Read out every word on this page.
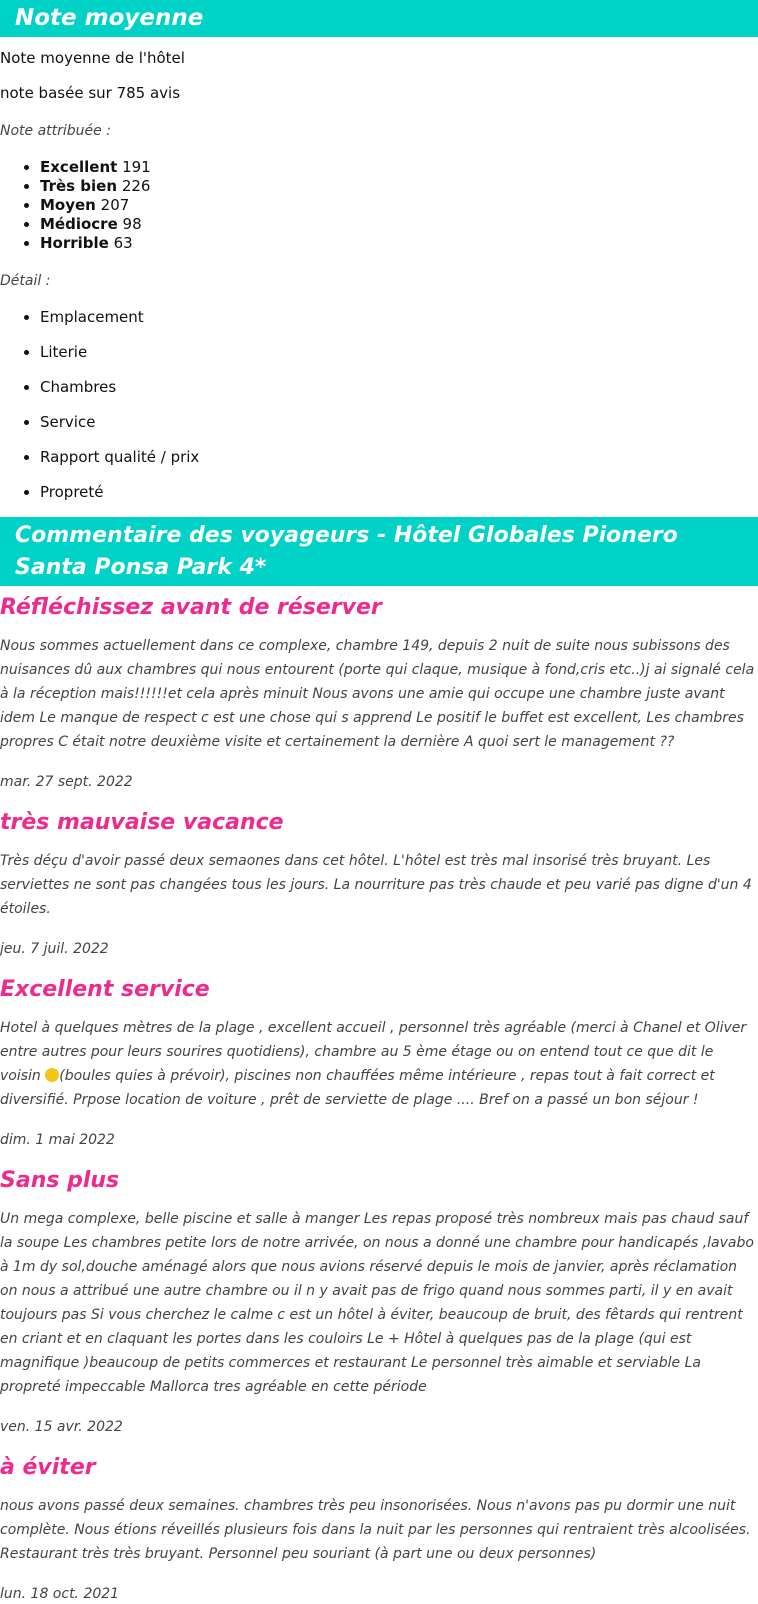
Note moyenne

Note moyenne de l'hôtel

note basée sur 785 avis

Note attribuée :

• Excellent 191
• Très bien 226
• Moyen 207
• Médiocre 98
• Horrible 63

Détail :

• Emplacement
• Literie
• Chambres
• Service
• Rapport qualité / prix
• Propreté
Commentaire des voyageurs - Hôtel Globales Pionero Santa Ponsa Park 4*
Réfléchissez avant de réserver

Nous sommes actuellement dans ce complexe, chambre 149, depuis 2 nuit de suite nous subissons des nuisances dû aux chambres qui nous entourent (porte qui claque, musique à fond,cris etc..)j ai signalé cela à la réception mais!!!!!!et cela après minuit Nous avons une amie qui occupe une chambre juste avant idem Le manque de respect c est une chose qui s apprend Le positif le buffet est excellent, Les chambres propres C était notre deuxième visite et certainement la dernière A quoi sert le management ??

mar. 27 sept. 2022

très mauvaise vacance

Très déçu d'avoir passé deux semaones dans cet hôtel. L'hôtel est très mal insorisé très bruyant. Les serviettes ne sont pas changées tous les jours. La nourriture pas très chaude et peu varié pas digne d'un 4 étoiles.

jeu. 7 juil. 2022

Excellent service

Hotel à quelques mètres de la plage , excellent accueil , personnel très agréable (merci à Chanel et Oliver entre autres pour leurs sourires quotidiens), chambre au 5 ème étage ou on entend tout ce que dit le voisin (boules quies à prévoir), piscines non chauffées même intérieure , repas tout à fait correct et diversifié. Prpose location de voiture , prêt de serviette de plage .... Bref on a passé un bon séjour !

dim. 1 mai 2022

Sans plus

Un mega complexe, belle piscine et salle à manger Les repas proposé très nombreux mais pas chaud sauf la soupe Les chambres petite lors de notre arrivée, on nous a donné une chambre pour handicapés ,lavabo à 1m dy sol,douche aménagé alors que nous avions réservé depuis le mois de janvier, après réclamation on nous a attribué une autre chambre ou il n y avait pas de frigo quand nous sommes parti, il y en avait toujours pas Si vous cherchez le calme c est un hôtel à éviter, beaucoup de bruit, des fêtards qui rentrent en criant et en claquant les portes dans les couloirs Le + Hôtel à quelques pas de la plage (qui est magnifique )beaucoup de petits commerces et restaurant Le personnel très aimable et serviable La propreté impeccable Mallorca tres agréable en cette période

ven. 15 avr. 2022

à éviter

nous avons passé deux semaines. chambres très peu insonorisées. Nous n'avons pas pu dormir une nuit complète. Nous étions réveillés plusieurs fois dans la nuit par les personnes qui rentraient très alcoolisées. Restaurant très très bruyant. Personnel peu souriant (à part une ou deux personnes)

lun. 18 oct. 2021
